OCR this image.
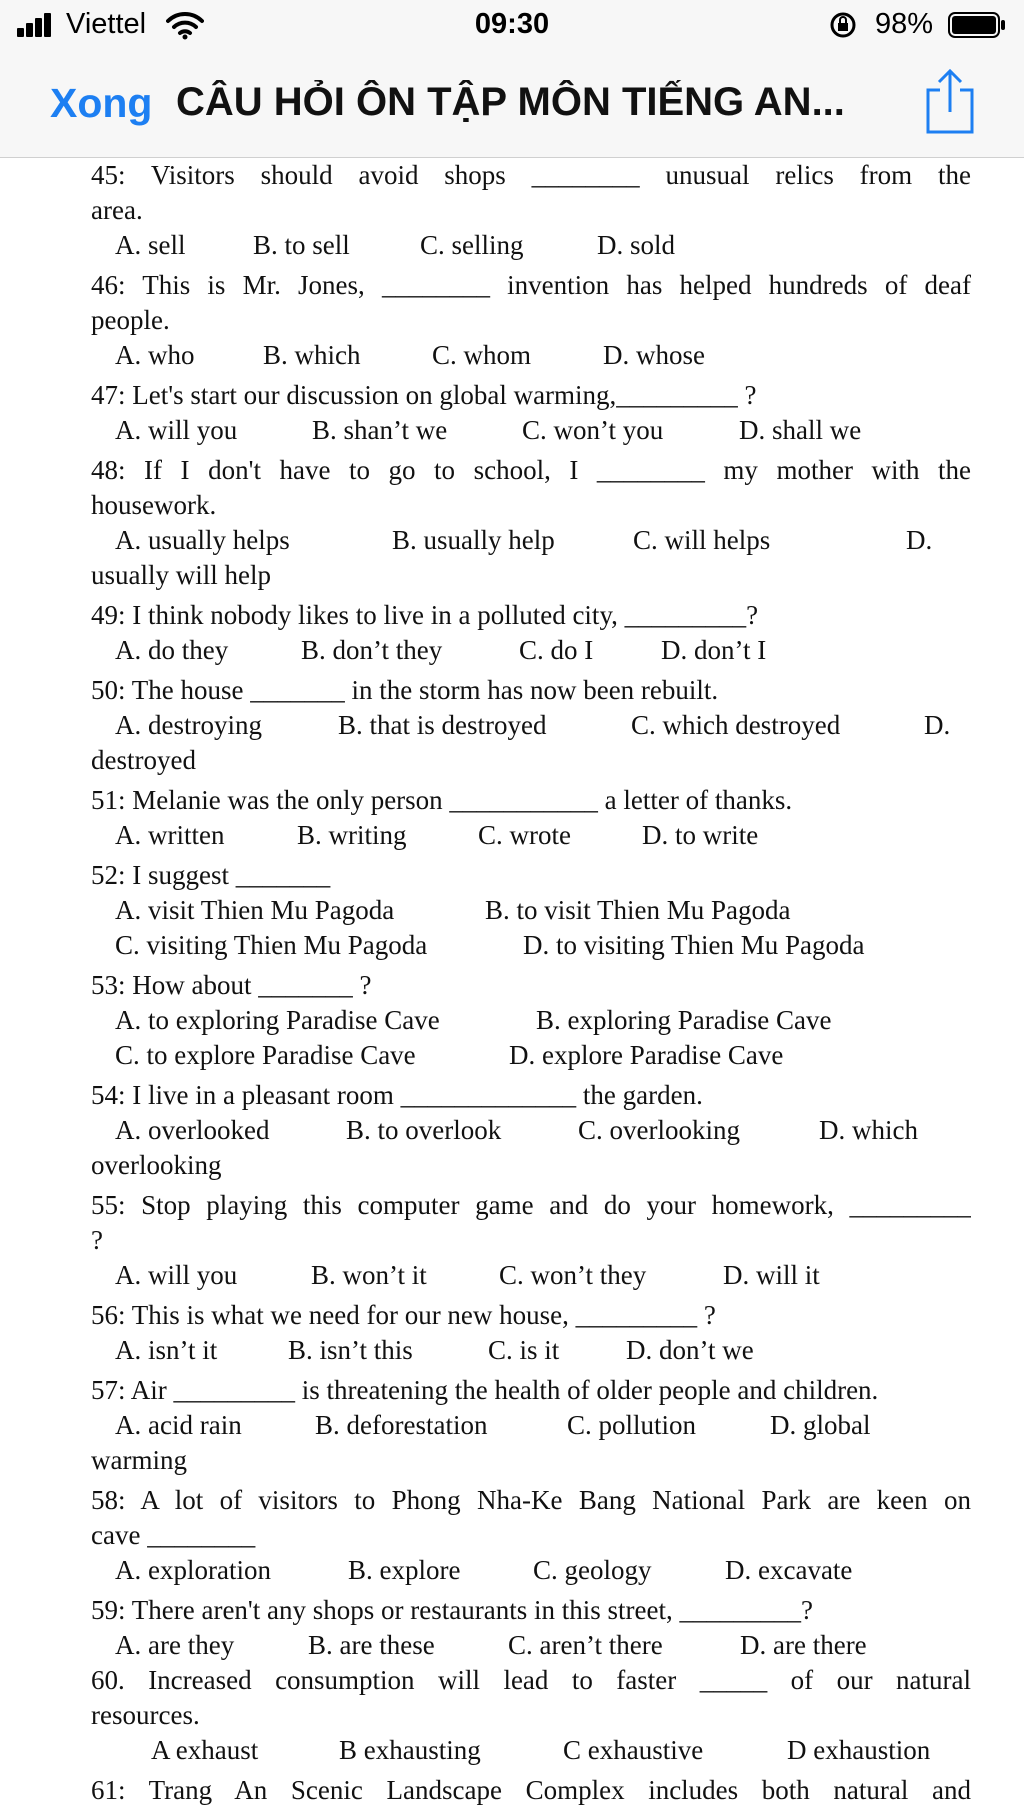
Viettel	09:30	98%
Xong CÂU HỎI ÔN TẬP MÔN TIẾNG AN...
45: Visitors should avoid shops ________ unusual relics from the
area.
A. sell	B. to sell	C. selling	D. sold
46: This is Mr. Jones, ________ invention has helped hundreds of deaf
people.
A. who	B. which	C. whom	D. whose
47: Let's start our discussion on global warming,_________ ?
A. will you	B. shan’t we	C. won’t you	D. shall we
48: If I don't have to go to school, I ________ my mother with the
housework.
A. usually helps	B. usually help	C. will helps	D.
usually will help
49: I think nobody likes to live in a polluted city, _________?
A. do they	B. don’t they	C. do I	D. don’t I
50: The house _______ in the storm has now been rebuilt.
A. destroying	B. that is destroyed	C. which destroyed	D.
destroyed
51: Melanie was the only person ___________ a letter of thanks.
A. written	B. writing	C. wrote	D. to write
52: I suggest _______
A. visit Thien Mu Pagoda	B. to visit Thien Mu Pagoda
C. visiting Thien Mu Pagoda	D. to visiting Thien Mu Pagoda
53: How about _______ ?
A. to exploring Paradise Cave	B. exploring Paradise Cave
C. to explore Paradise Cave	D. explore Paradise Cave
54: I live in a pleasant room _____________ the garden.
A. overlooked	B. to overlook	C. overlooking	D. which
overlooking
55: Stop playing this computer game and do your homework, _________
?
A. will you	B. won’t it	C. won’t they	D. will it
56: This is what we need for our new house, _________ ?
A. isn’t it	B. isn’t this	C. is it D. don’t we
57: Air _________ is threatening the health of older people and children.
A. acid rain	B. deforestation	C. pollution	D. global
warming
58: A lot of visitors to Phong Nha-Ke Bang National Park are keen on
cave ________
A. exploration	B. explore	C. geology	D. excavate
59: There aren't any shops or restaurants in this street, _________?
A. are they	B. are these	C. aren’t there	D. are there
60. Increased consumption will lead to faster _____ of our natural
resources.
A exhaust	B exhausting	C exhaustive	D exhaustion
61: Trang An Scenic Landscape Complex includes both natural and
